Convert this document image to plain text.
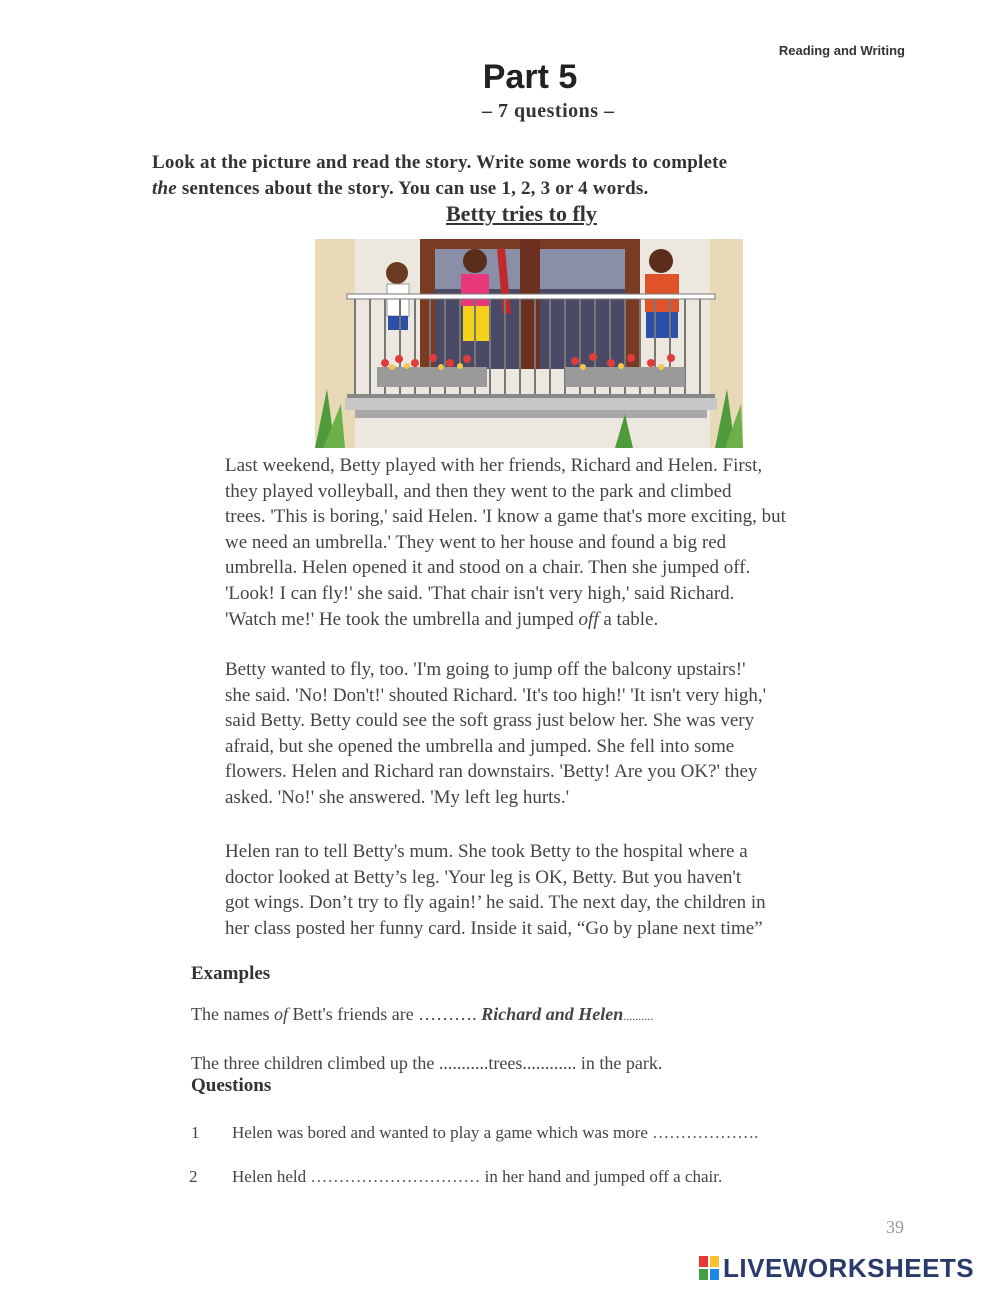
Reading and Writing
Part 5
– 7 questions –
Look at the picture and read the story. Write some words to complete
the sentences about the story. You can use 1, 2, 3 or 4 words.
Betty tries to fly
Last weekend, Betty played with her friends, Richard and Helen. First,
they played volleyball, and then they went to the park and climbed
trees. 'This is boring,' said Helen. 'I know a game that's more exciting, but
we need an umbrella.' They went to her house and found a big red
umbrella. Helen opened it and stood on a chair. Then she jumped off.
'Look! I can fly!' she said. 'That chair isn't very high,' said Richard.
'Watch me!' He took the umbrella and jumped off a table.
Betty wanted to fly, too. 'I'm going to jump off the balcony upstairs!'
she said. 'No! Don't!' shouted Richard. 'It's too high!' 'It isn't very high,'
said Betty. Betty could see the soft grass just below her. She was very
afraid, but she opened the umbrella and jumped. She fell into some
flowers. Helen and Richard ran downstairs. 'Betty! Are you OK?' they
asked. 'No!' she answered. 'My left leg hurts.'
Helen ran to tell Betty's mum. She took Betty to the hospital where a
doctor looked at Betty’s leg. 'Your leg is OK, Betty. But you haven't
got wings. Don’t try to fly again!’ he said. The next day, the children in
her class posted her funny card. Inside it said, “Go by plane next time”
Examples
The names of Bett's friends are ………. Richard and Helen..........
The three children climbed up the ...........trees............ in the park.
Questions
1 Helen was bored and wanted to play a game which was more ……………….
2 Helen held ………………………… in her hand and jumped off a chair.
39
LIVEWORKSHEETS
